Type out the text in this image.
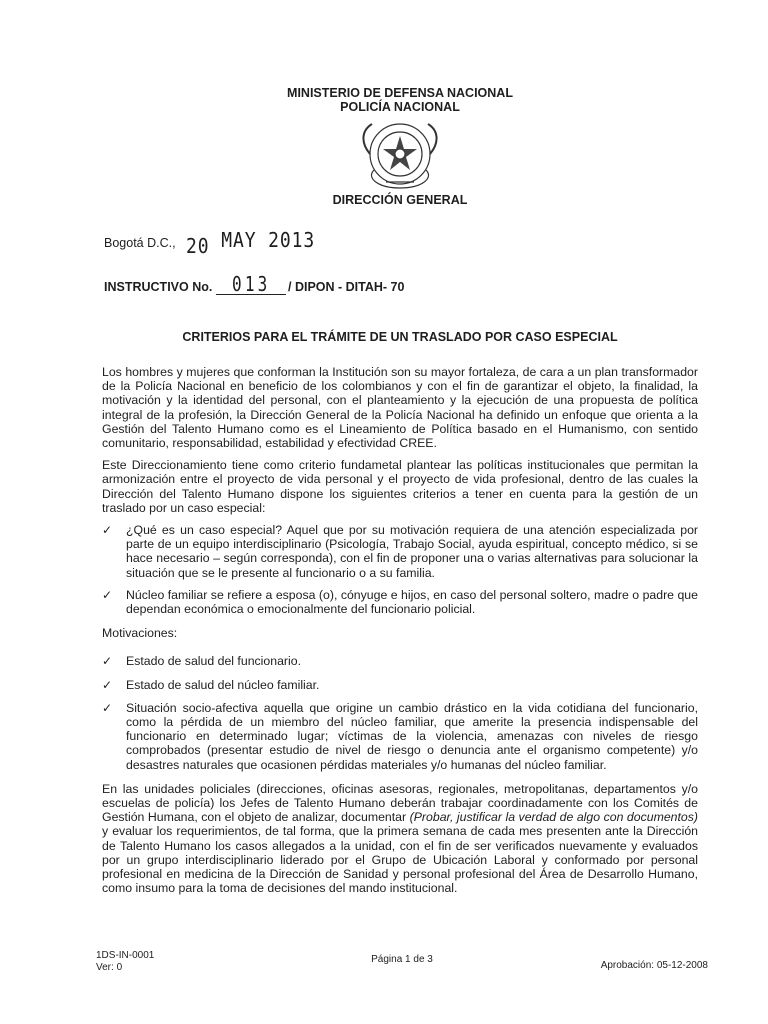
MINISTERIO DE DEFENSA NACIONAL
POLICÍA NACIONAL
DIRECCIÓN GENERAL
Bogotá D.C., 20 MAY 2013
INSTRUCTIVO No. 013 / DIPON - DITAH- 70
CRITERIOS PARA EL TRÁMITE DE UN TRASLADO POR CASO ESPECIAL

Los hombres y mujeres que conforman la Institución son su mayor fortaleza, de cara a un plan transformador de la Policía Nacional en beneficio de los colombianos y con el fin de garantizar el objeto, la finalidad, la motivación y la identidad del personal, con el planteamiento y la ejecución de una propuesta de política integral de la profesión, la Dirección General de la Policía Nacional ha definido un enfoque que orienta a la Gestión del Talento Humano como es el Lineamiento de Política basado en el Humanismo, con sentido comunitario, responsabilidad, estabilidad y efectividad CREE.

Este Direccionamiento tiene como criterio fundametal plantear las políticas institucionales que permitan la armonización entre el proyecto de vida personal y el proyecto de vida profesional, dentro de las cuales la Dirección del Talento Humano dispone los siguientes criterios a tener en cuenta para la gestión de un traslado por un caso especial:

✓ ¿Qué es un caso especial? Aquel que por su motivación requiera de una atención especializada por parte de un equipo interdisciplinario (Psicología, Trabajo Social, ayuda espiritual, concepto médico, si se hace necesario – según corresponda), con el fin de proponer una o varias alternativas para solucionar la situación que se le presente al funcionario o a su familia.
✓ Núcleo familiar se refiere a esposa (o), cónyuge e hijos, en caso del personal soltero, madre o padre que dependan económica o emocionalmente del funcionario policial.
Motivaciones:
✓ Estado de salud del funcionario.
✓ Estado de salud del núcleo familiar.
✓ Situación socio-afectiva aquella que origine un cambio drástico en la vida cotidiana del funcionario, como la pérdida de un miembro del núcleo familiar, que amerite la presencia indispensable del funcionario en determinado lugar; víctimas de la violencia, amenazas con niveles de riesgo comprobados (presentar estudio de nivel de riesgo o denuncia ante el organismo competente) y/o desastres naturales que ocasionen pérdidas materiales y/o humanas del núcleo familiar.

En las unidades policiales (direcciones, oficinas asesoras, regionales, metropolitanas, departamentos y/o escuelas de policía) los Jefes de Talento Humano deberán trabajar coordinadamente con los Comités de Gestión Humana, con el objeto de analizar, documentar (Probar, justificar la verdad de algo con documentos) y evaluar los requerimientos, de tal forma, que la primera semana de cada mes presenten ante la Dirección de Talento Humano los casos allegados a la unidad, con el fin de ser verificados nuevamente y evaluados por un grupo interdisciplinario liderado por el Grupo de Ubicación Laboral y conformado por personal profesional en medicina de la Dirección de Sanidad y personal profesional del Área de Desarrollo Humano, como insumo para la toma de decisiones del mando institucional.

1DS-IN-0001
Ver: 0
Página 1 de 3
Aprobación: 05-12-2008
